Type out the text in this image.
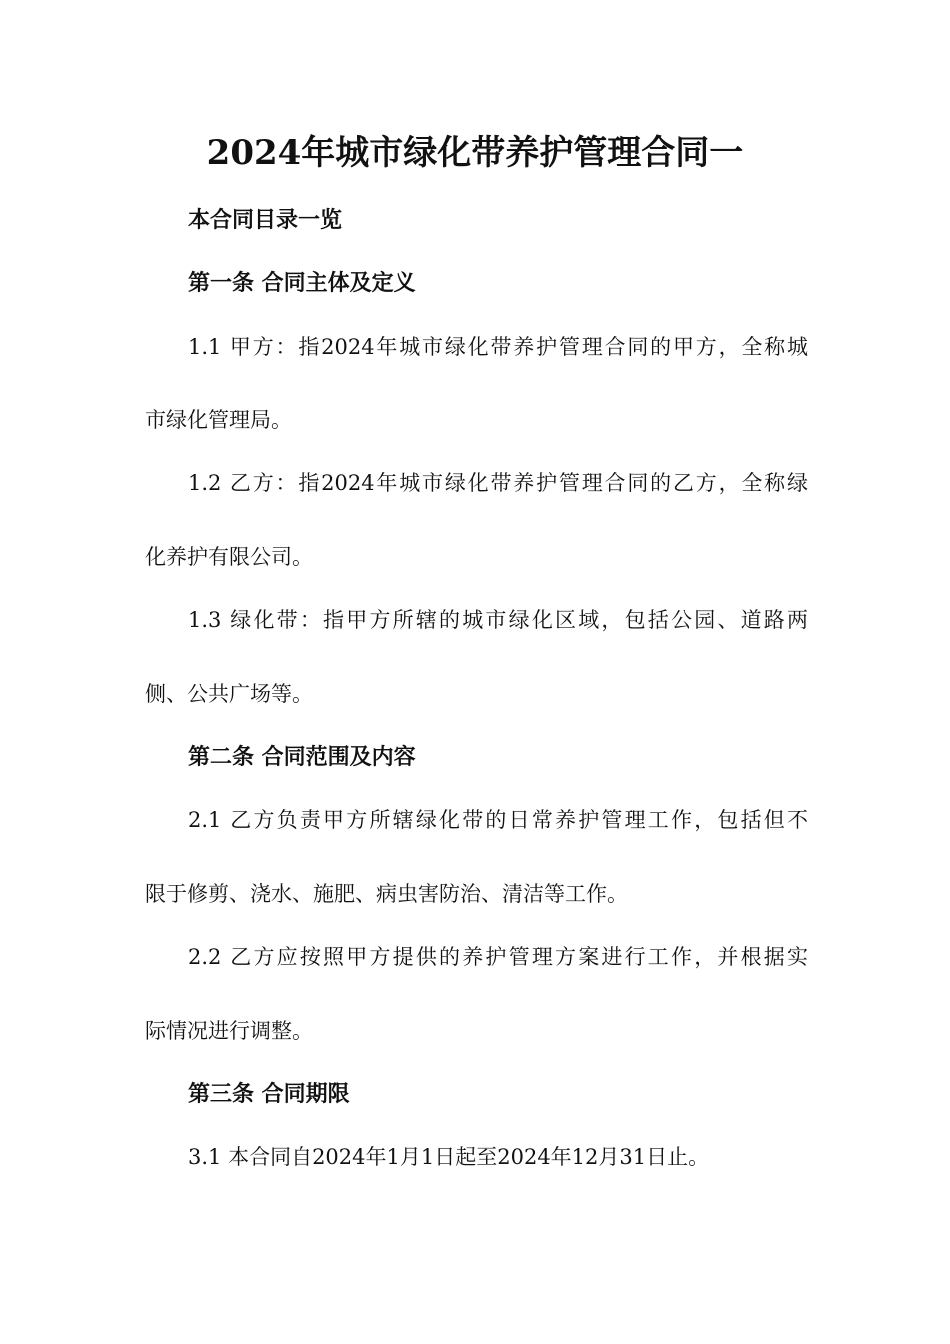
2024年城市绿化带养护管理合同一
本合同目录一览
第一条 合同主体及定义
1.1 甲方：指2024年城市绿化带养护管理合同的甲方，全称城
市绿化管理局。
1.2 乙方：指2024年城市绿化带养护管理合同的乙方，全称绿
化养护有限公司。
1.3 绿化带：指甲方所辖的城市绿化区域，包括公园、道路两
侧、公共广场等。
第二条 合同范围及内容
2.1 乙方负责甲方所辖绿化带的日常养护管理工作，包括但不
限于修剪、浇水、施肥、病虫害防治、清洁等工作。
2.2 乙方应按照甲方提供的养护管理方案进行工作，并根据实
际情况进行调整。
第三条 合同期限
3.1 本合同自2024年1月1日起至2024年12月31日止。
